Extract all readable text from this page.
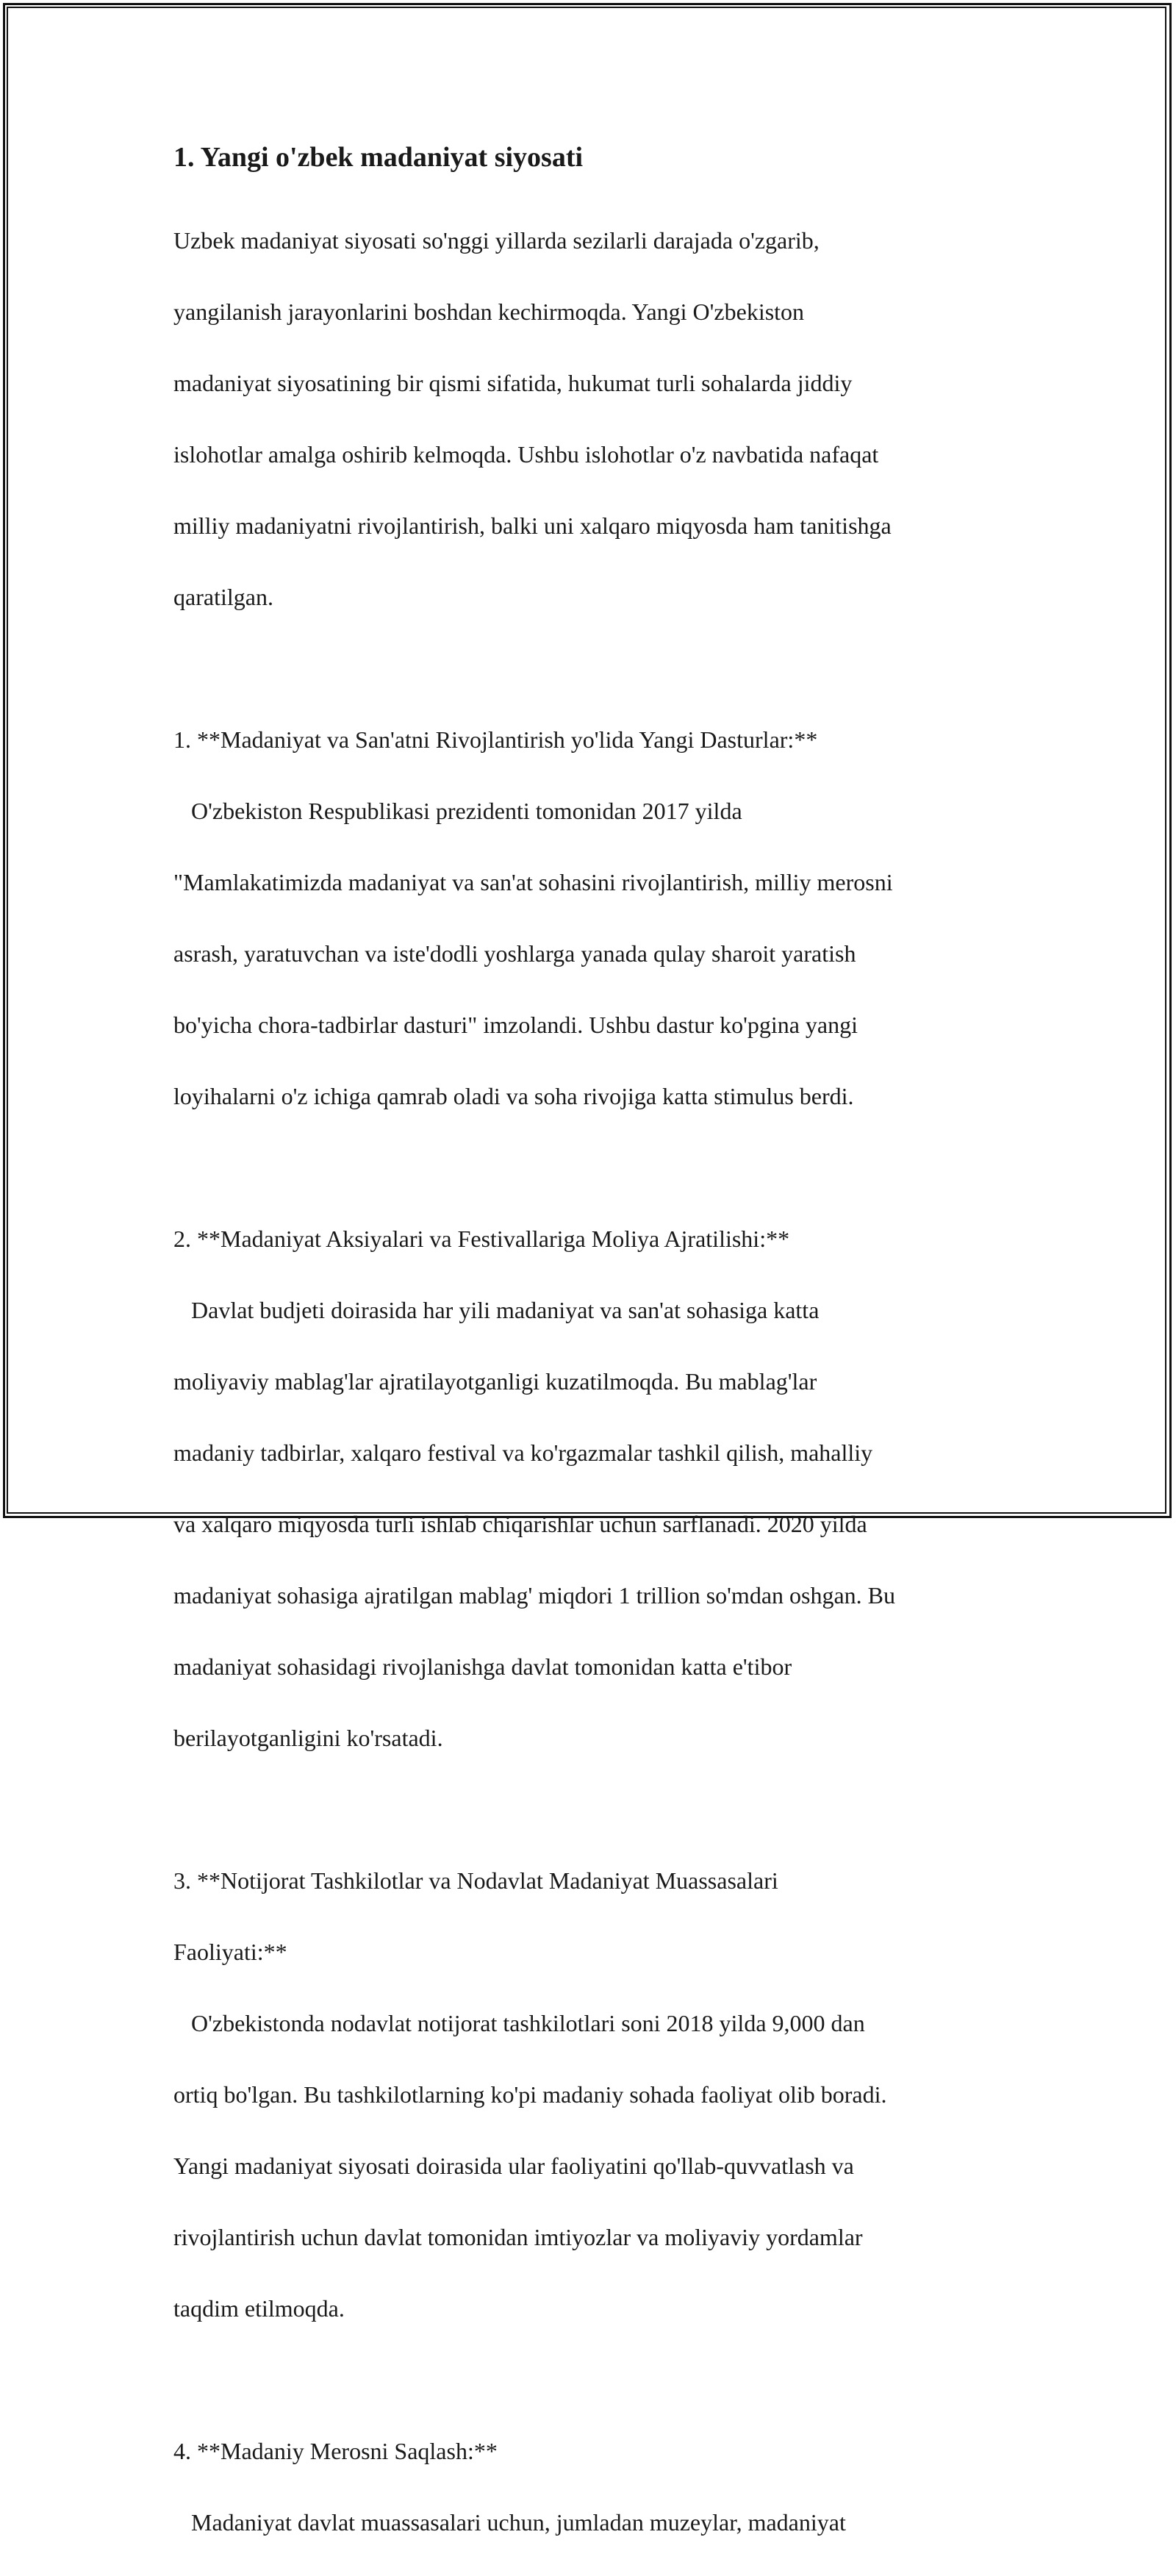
1. Yangi o'zbek madaniyat siyosati

Uzbek madaniyat siyosati so'nggi yillarda sezilarli darajada o'zgarib,

yangilanish jarayonlarini boshdan kechirmoqda. Yangi O'zbekiston

madaniyat siyosatining bir qismi sifatida, hukumat turli sohalarda jiddiy

islohotlar amalga oshirib kelmoqda. Ushbu islohotlar o'z navbatida nafaqat

milliy madaniyatni rivojlantirish, balki uni xalqaro miqyosda ham tanitishga

qaratilgan.

1. **Madaniyat va San'atni Rivojlantirish yo'lida Yangi Dasturlar:**

O'zbekiston Respublikasi prezidenti tomonidan 2017 yilda

"Mamlakatimizda madaniyat va san'at sohasini rivojlantirish, milliy merosni

asrash, yaratuvchan va iste'dodli yoshlarga yanada qulay sharoit yaratish

bo'yicha chora-tadbirlar dasturi" imzolandi. Ushbu dastur ko'pgina yangi

loyihalarni o'z ichiga qamrab oladi va soha rivojiga katta stimulus berdi.

2. **Madaniyat Aksiyalari va Festivallariga Moliya Ajratilishi:**

Davlat budjeti doirasida har yili madaniyat va san'at sohasiga katta

moliyaviy mablag'lar ajratilayotganligi kuzatilmoqda. Bu mablag'lar

madaniy tadbirlar, xalqaro festival va ko'rgazmalar tashkil qilish, mahalliy

va xalqaro miqyosda turli ishlab chiqarishlar uchun sarflanadi. 2020 yilda

madaniyat sohasiga ajratilgan mablag' miqdori 1 trillion so'mdan oshgan. Bu

madaniyat sohasidagi rivojlanishga davlat tomonidan katta e'tibor

berilayotganligini ko'rsatadi.

3. **Notijorat Tashkilotlar va Nodavlat Madaniyat Muassasalari

Faoliyati:**

O'zbekistonda nodavlat notijorat tashkilotlari soni 2018 yilda 9,000 dan

ortiq bo'lgan. Bu tashkilotlarning ko'pi madaniy sohada faoliyat olib boradi.

Yangi madaniyat siyosati doirasida ular faoliyatini qo'llab-quvvatlash va

rivojlantirish uchun davlat tomonidan imtiyozlar va moliyaviy yordamlar

taqdim etilmoqda.

4. **Madaniy Merosni Saqlash:**

Madaniyat davlat muassasalari uchun, jumladan muzeylar, madaniyat
